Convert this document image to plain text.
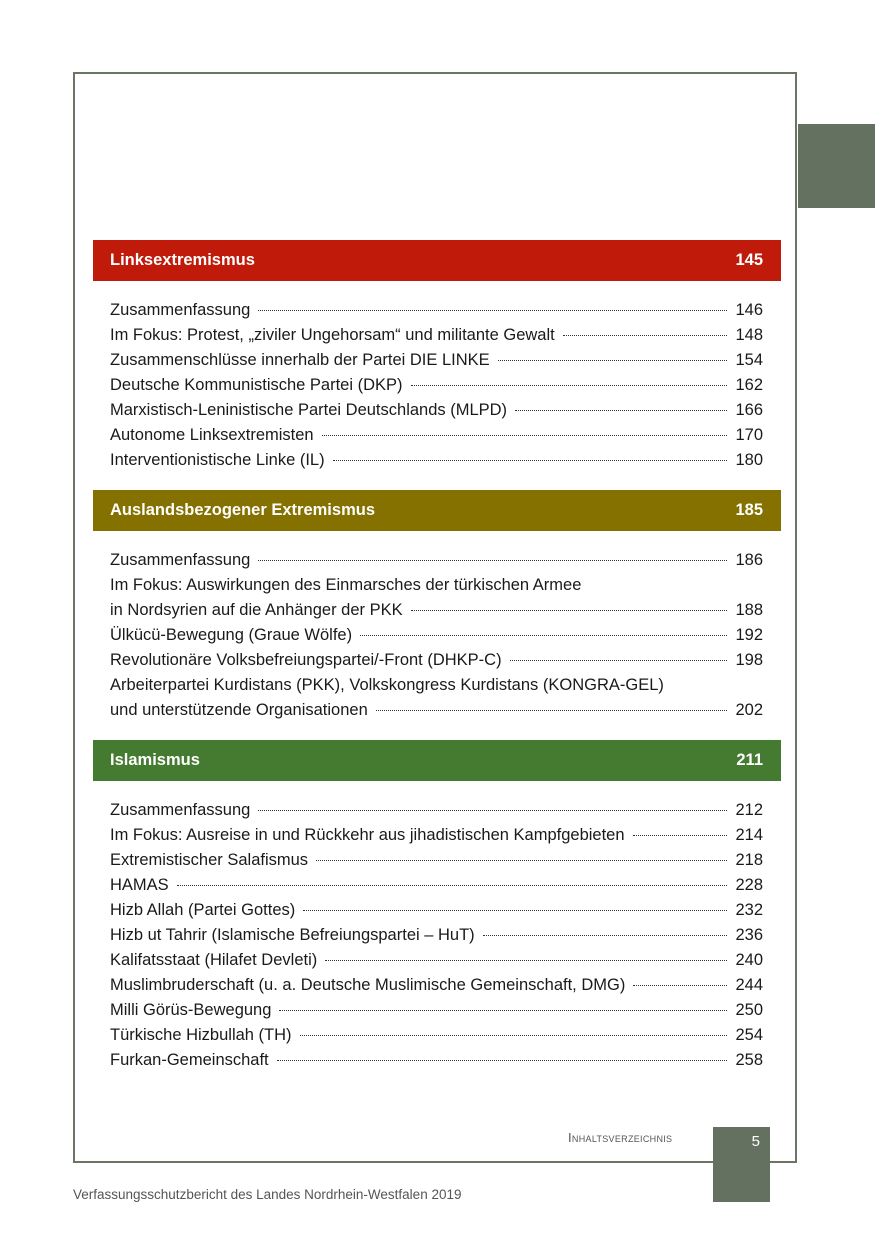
Linksextremismus	145
Zusammenfassung	146
Im Fokus: Protest, „ziviler Ungehorsam“ und militante Gewalt	148
Zusammenschlüsse innerhalb der Partei DIE LINKE	154
Deutsche Kommunistische Partei (DKP)	162
Marxistisch-Leninistische Partei Deutschlands (MLPD)	166
Autonome Linksextremisten	170
Interventionistische Linke (IL)	180
Auslandsbezogener Extremismus	185
Zusammenfassung	186
Im Fokus: Auswirkungen des Einmarsches der türkischen Armee
in Nordsyrien auf die Anhänger der PKK	188
Ülkücü-Bewegung (Graue Wölfe)	192
Revolutionäre Volksbefreiungspartei/-Front (DHKP-C)	198
Arbeiterpartei Kurdistans (PKK), Volkskongress Kurdistans (KONGRA-GEL)
und unterstützende Organisationen	202
Islamismus	211
Zusammenfassung	212
Im Fokus: Ausreise in und Rückkehr aus jihadistischen Kampfgebieten	214
Extremistischer Salafismus	218
HAMAS	228
Hizb Allah (Partei Gottes)	232
Hizb ut Tahrir (Islamische Befreiungspartei – HuT)	236
Kalifatsstaat (Hilafet Devleti)	240
Muslimbruderschaft (u. a. Deutsche Muslimische Gemeinschaft, DMG)	244
Milli Görüs-Bewegung	250
Türkische Hizbullah (TH)	254
Furkan-Gemeinschaft	258
Inhaltsverzeichnis	5
Verfassungsschutzbericht des Landes Nordrhein-Westfalen 2019
